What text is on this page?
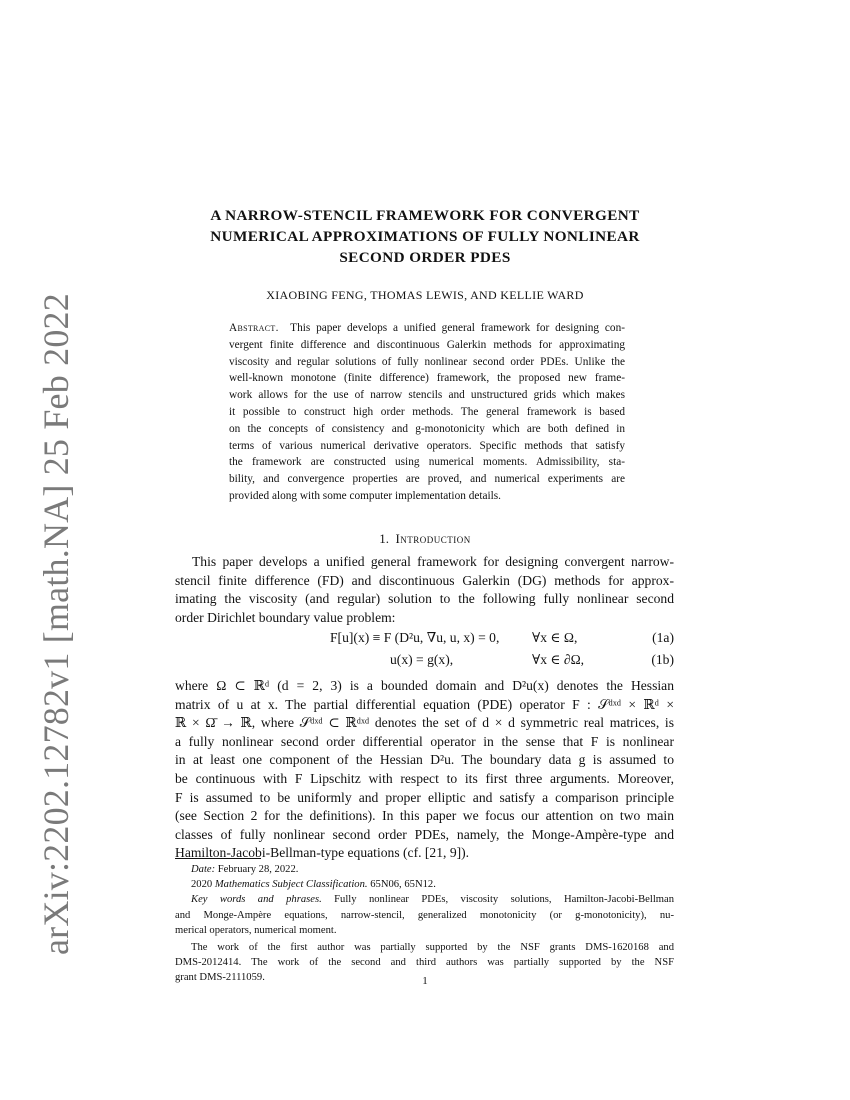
arXiv:2202.12782v1 [math.NA] 25 Feb 2022
A NARROW-STENCIL FRAMEWORK FOR CONVERGENT
NUMERICAL APPROXIMATIONS OF FULLY NONLINEAR
SECOND ORDER PDES
XIAOBING FENG, THOMAS LEWIS, AND KELLIE WARD
Abstract. This paper develops a unified general framework for designing con-
vergent finite difference and discontinuous Galerkin methods for approximating
viscosity and regular solutions of fully nonlinear second order PDEs. Unlike the
well-known monotone (finite difference) framework, the proposed new frame-
work allows for the use of narrow stencils and unstructured grids which makes
it possible to construct high order methods. The general framework is based
on the concepts of consistency and g-monotonicity which are both defined in
terms of various numerical derivative operators. Specific methods that satisfy
the framework are constructed using numerical moments. Admissibility, sta-
bility, and convergence properties are proved, and numerical experiments are
provided along with some computer implementation details.
1. Introduction
This paper develops a unified general framework for designing convergent narrow-
stencil finite difference (FD) and discontinuous Galerkin (DG) methods for approx-
imating the viscosity (and regular) solution to the following fully nonlinear second
order Dirichlet boundary value problem:
F[u](x) ≡ F (D²u, ∇u, u, x) = 0, ∀x ∈ Ω,	(1a)
u(x) = g(x),	∀x ∈ ∂Ω,	(1b)
where Ω ⊂ ℝᵈ (d = 2, 3) is a bounded domain and D²u(x) denotes the Hessian
matrix of u at x. The partial differential equation (PDE) operator F : 𝒮ᵈˣᵈ × ℝᵈ ×
ℝ × Ω̄ → ℝ, where 𝒮ᵈˣᵈ ⊂ ℝᵈˣᵈ denotes the set of d × d symmetric real matrices, is
a fully nonlinear second order differential operator in the sense that F is nonlinear
in at least one component of the Hessian D²u. The boundary data g is assumed to
be continuous with F Lipschitz with respect to its first three arguments. Moreover,
F is assumed to be uniformly and proper elliptic and satisfy a comparison principle
(see Section 2 for the definitions). In this paper we focus our attention on two main
classes of fully nonlinear second order PDEs, namely, the Monge-Ampère-type and
Hamilton-Jacobi-Bellman-type equations (cf. [21, 9]).
Date: February 28, 2022.
2020 Mathematics Subject Classification. 65N06, 65N12.
Key words and phrases. Fully nonlinear PDEs, viscosity solutions, Hamilton-Jacobi-Bellman
and Monge-Ampère equations, narrow-stencil, generalized monotonicity (or g-monotonicity), nu-
merical operators, numerical moment.
The work of the first author was partially supported by the NSF grants DMS-1620168 and
DMS-2012414. The work of the second and third authors was partially supported by the NSF
grant DMS-2111059.	1
